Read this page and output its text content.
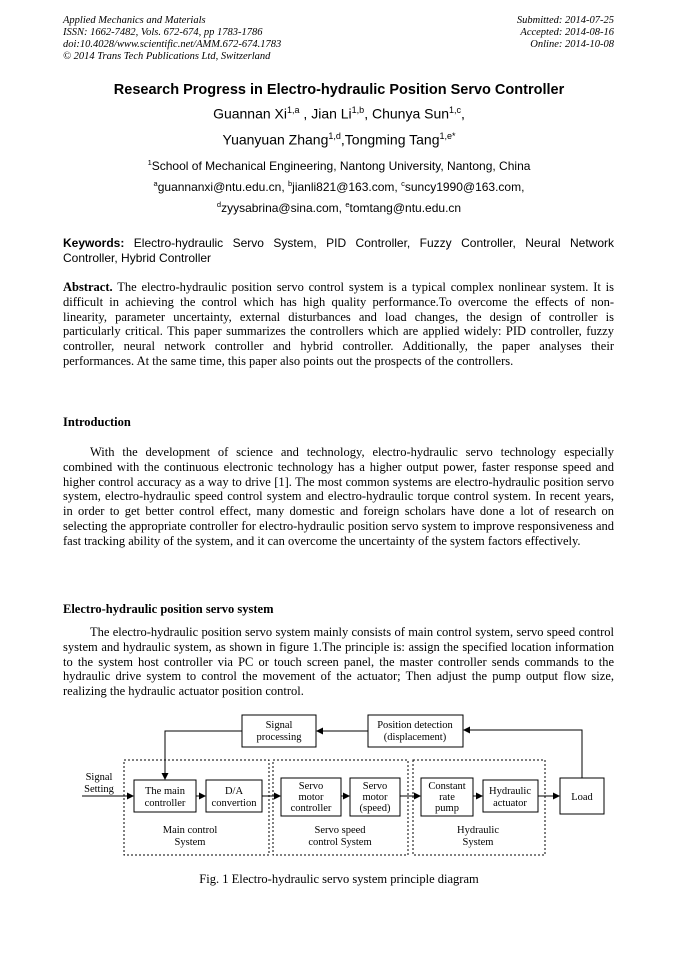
Applied Mechanics and Materials
ISSN: 1662-7482, Vols. 672-674, pp 1783-1786
doi:10.4028/www.scientific.net/AMM.672-674.1783
© 2014 Trans Tech Publications Ltd, Switzerland
Submitted: 2014-07-25
Accepted: 2014-08-16
Online: 2014-10-08
Research Progress in Electro-hydraulic Position Servo Controller
Guannan Xi$^{1,a}$ , Jian Li$^{1,b}$, Chunya Sun$^{1,c}$,
Yuanyuan Zhang$^{1,d}$,Tongming Tang$^{1,e*}$
$^1$School of Mechanical Engineering, Nantong University, Nantong, China
$^a$guannanxi@ntu.edu.cn, $^b$jianli821@163.com, $^c$suncy1990@163.com,
$^d$zyysabrina@sina.com, $^e$tomtang@ntu.edu.cn
Keywords: Electro-hydraulic Servo System, PID Controller, Fuzzy Controller, Neural Network Controller, Hybrid Controller
Abstract. The electro-hydraulic position servo control system is a typical complex nonlinear system. It is difficult in achieving the control which has high quality performance.To overcome the effects of non-linearity, parameter uncertainty, external disturbances and load changes, the design of controller is particularly critical. This paper summarizes the controllers which are applied widely: PID controller, fuzzy controller, neural network controller and hybrid controller. Additionally, the paper analyses their performances. At the same time, this paper also points out the prospects of the controllers.
Introduction
With the development of science and technology, electro-hydraulic servo technology especially combined with the continuous electronic technology has a higher output power, faster response speed and higher control accuracy as a way to drive [1]. The most common systems are electro-hydraulic position servo system, electro-hydraulic speed control system and electro-hydraulic torque control system. In recent years, in order to get better control effect, many domestic and foreign scholars have done a lot of research on selecting the appropriate controller for electro-hydraulic position servo system to improve responsiveness and fast tracking ability of the system, and it can overcome the uncertainty of the system factors effectively.
Electro-hydraulic position servo system
The electro-hydraulic position servo system mainly consists of main control system, servo speed control system and hydraulic system, as shown in figure 1.The principle is: assign the specified location information to the system host controller via PC or touch screen panel, the master controller sends commands to the hydraulic drive system to control the movement of the actuator; Then adjust the pump output flow size, realizing the hydraulic actuator position control.
Signal
processing
Position detection
(displacement)
Signal
Setting	The main
controller
D/A
convertion
Servo
motor
controller
Servo
motor
(speed)
Constant
rate
pump
Hydraulic
actuator
Load
Main control
System
Servo speed
control System
Hydraulic
System
Fig. 1 Electro-hydraulic servo system principle diagram
